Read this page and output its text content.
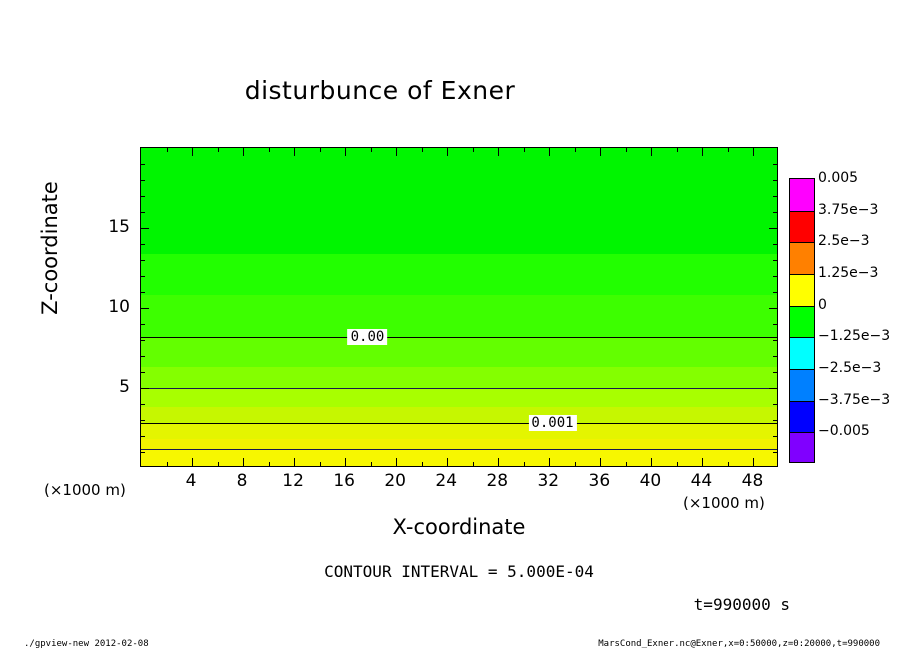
disturbunce of Exner
0.00
0.001
4 8 12 16 20 24 28 32 36 40 44 48
5
10
15
(×1000 m)
(×1000 m)
X-coordinate
Z-coordinate
0.005
3.75e−3
2.5e−3
1.25e−3
0
−1.25e−3
−2.5e−3
−3.75e−3
−0.005
CONTOUR INTERVAL = 5.000E-04
t=990000 s
./gpview-new 2012-02-08	MarsCond_Exner.nc@Exner,x=0:50000,z=0:20000,t=990000
